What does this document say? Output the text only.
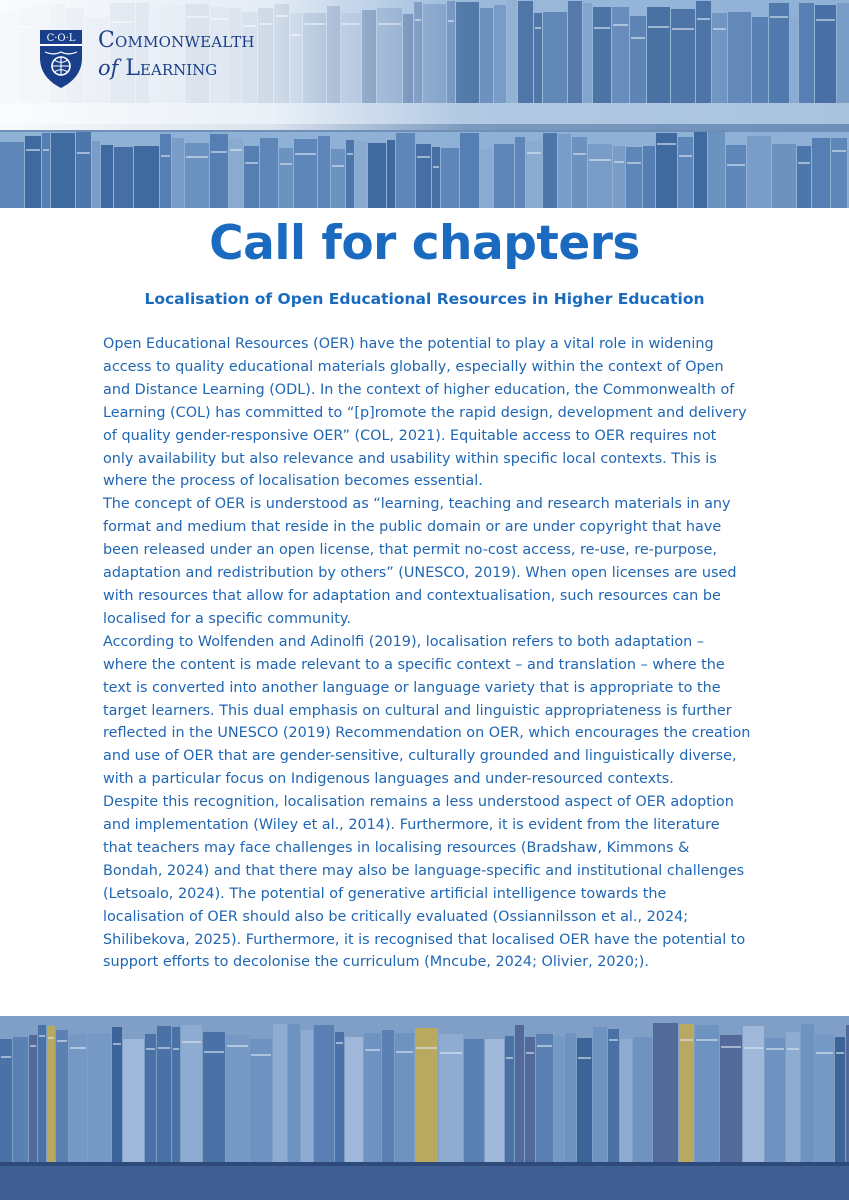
C·O·L Commonwealth
of Learning
Call for chapters
Localisation of Open Educational Resources in Higher Education

Open Educational Resources (OER) have the potential to play a vital role in widening access to quality educational materials globally, especially within the context of Open and Distance Learning (ODL). In the context of higher education, the Commonwealth of Learning (COL) has committed to “[p]romote the rapid design, development and delivery of quality gender-responsive OER” (COL, 2021). Equitable access to OER requires not only availability but also relevance and usability within specific local contexts. This is where the process of localisation becomes essential.

The concept of OER is understood as “learning, teaching and research materials in any format and medium that reside in the public domain or are under copyright that have been released under an open license, that permit no-cost access, re-use, re-purpose, adaptation and redistribution by others” (UNESCO, 2019). When open licenses are used with resources that allow for adaptation and contextualisation, such resources can be localised for a specific community.

According to Wolfenden and Adinolfi (2019), localisation refers to both adaptation – where the content is made relevant to a specific context – and translation – where the text is converted into another language or language variety that is appropriate to the target learners. This dual emphasis on cultural and linguistic appropriateness is further reflected in the UNESCO (2019) Recommendation on OER, which encourages the creation and use of OER that are gender-sensitive, culturally grounded and linguistically diverse, with a particular focus on Indigenous languages and under-resourced contexts.

Despite this recognition, localisation remains a less understood aspect of OER adoption and implementation (Wiley et al., 2014). Furthermore, it is evident from the literature that teachers may face challenges in localising resources (Bradshaw, Kimmons & Bondah, 2024) and that there may also be language-specific and institutional challenges (Letsoalo, 2024). The potential of generative artificial intelligence towards the localisation of OER should also be critically evaluated (Ossiannilsson et al., 2024; Shilibekova, 2025). Furthermore, it is recognised that localised OER have the potential to support efforts to decolonise the curriculum (Mncube, 2024; Olivier, 2020;).
